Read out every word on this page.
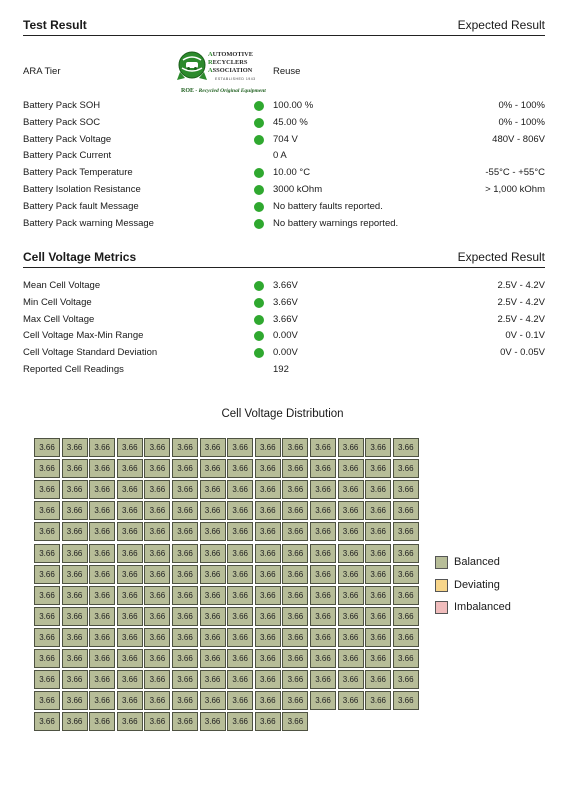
Test Result	Expected Result
ARA Tier
AUTOMOTIVE
RECYCLERS
ASSOCIATION
ESTABLISHED 1943
ROE - Recycled Original Equipment
Reuse
Battery Pack SOH	100.00 %	0% - 100%
Battery Pack SOC	45.00 %	0% - 100%
Battery Pack Voltage	704 V	480V - 806V
Battery Pack Current	0 A
Battery Pack Temperature	10.00 °C	-55°C - +55°C
Battery Isolation Resistance	3000 kOhm	> 1,000 kOhm
Battery Pack fault Message	No battery faults reported.
Battery Pack warning Message	No battery warnings reported.
Cell Voltage Metrics	Expected Result
Mean Cell Voltage	3.66V	2.5V - 4.2V
Min Cell Voltage	3.66V	2.5V - 4.2V
Max Cell Voltage	3.66V	2.5V - 4.2V
Cell Voltage Max-Min Range	0.00V	0V - 0.1V
Cell Voltage Standard Deviation	0.00V	0V - 0.05V
Reported Cell Readings	192
Cell Voltage Distribution
3.66	3.66	3.66	3.66	3.66	3.66	3.66	3.66	3.66	3.66	3.66	3.66	3.66	3.66
3.66	3.66	3.66	3.66	3.66	3.66	3.66	3.66	3.66	3.66	3.66	3.66	3.66	3.66
3.66	3.66	3.66	3.66	3.66	3.66	3.66	3.66	3.66	3.66	3.66	3.66	3.66	3.66
3.66	3.66	3.66	3.66	3.66	3.66	3.66	3.66	3.66	3.66	3.66	3.66	3.66	3.66
3.66	3.66	3.66	3.66	3.66	3.66	3.66	3.66	3.66	3.66	3.66	3.66	3.66	3.66
3.66	3.66	3.66	3.66	3.66	3.66	3.66	3.66	3.66	3.66	3.66	3.66	3.66	3.66
3.66	3.66	3.66	3.66	3.66	3.66	3.66	3.66	3.66	3.66	3.66	3.66	3.66	3.66
3.66	3.66	3.66	3.66	3.66	3.66	3.66	3.66	3.66	3.66	3.66	3.66	3.66	3.66
3.66	3.66	3.66	3.66	3.66	3.66	3.66	3.66	3.66	3.66	3.66	3.66	3.66	3.66
3.66	3.66	3.66	3.66	3.66	3.66	3.66	3.66	3.66	3.66	3.66	3.66	3.66	3.66
3.66	3.66	3.66	3.66	3.66	3.66	3.66	3.66	3.66	3.66	3.66	3.66	3.66	3.66
3.66	3.66	3.66	3.66	3.66	3.66	3.66	3.66	3.66	3.66	3.66	3.66	3.66	3.66
3.66	3.66	3.66	3.66	3.66	3.66	3.66	3.66	3.66	3.66	3.66	3.66	3.66	3.66
3.66	3.66	3.66	3.66	3.66	3.66	3.66	3.66	3.66	3.66
Balanced
Deviating
Imbalanced
